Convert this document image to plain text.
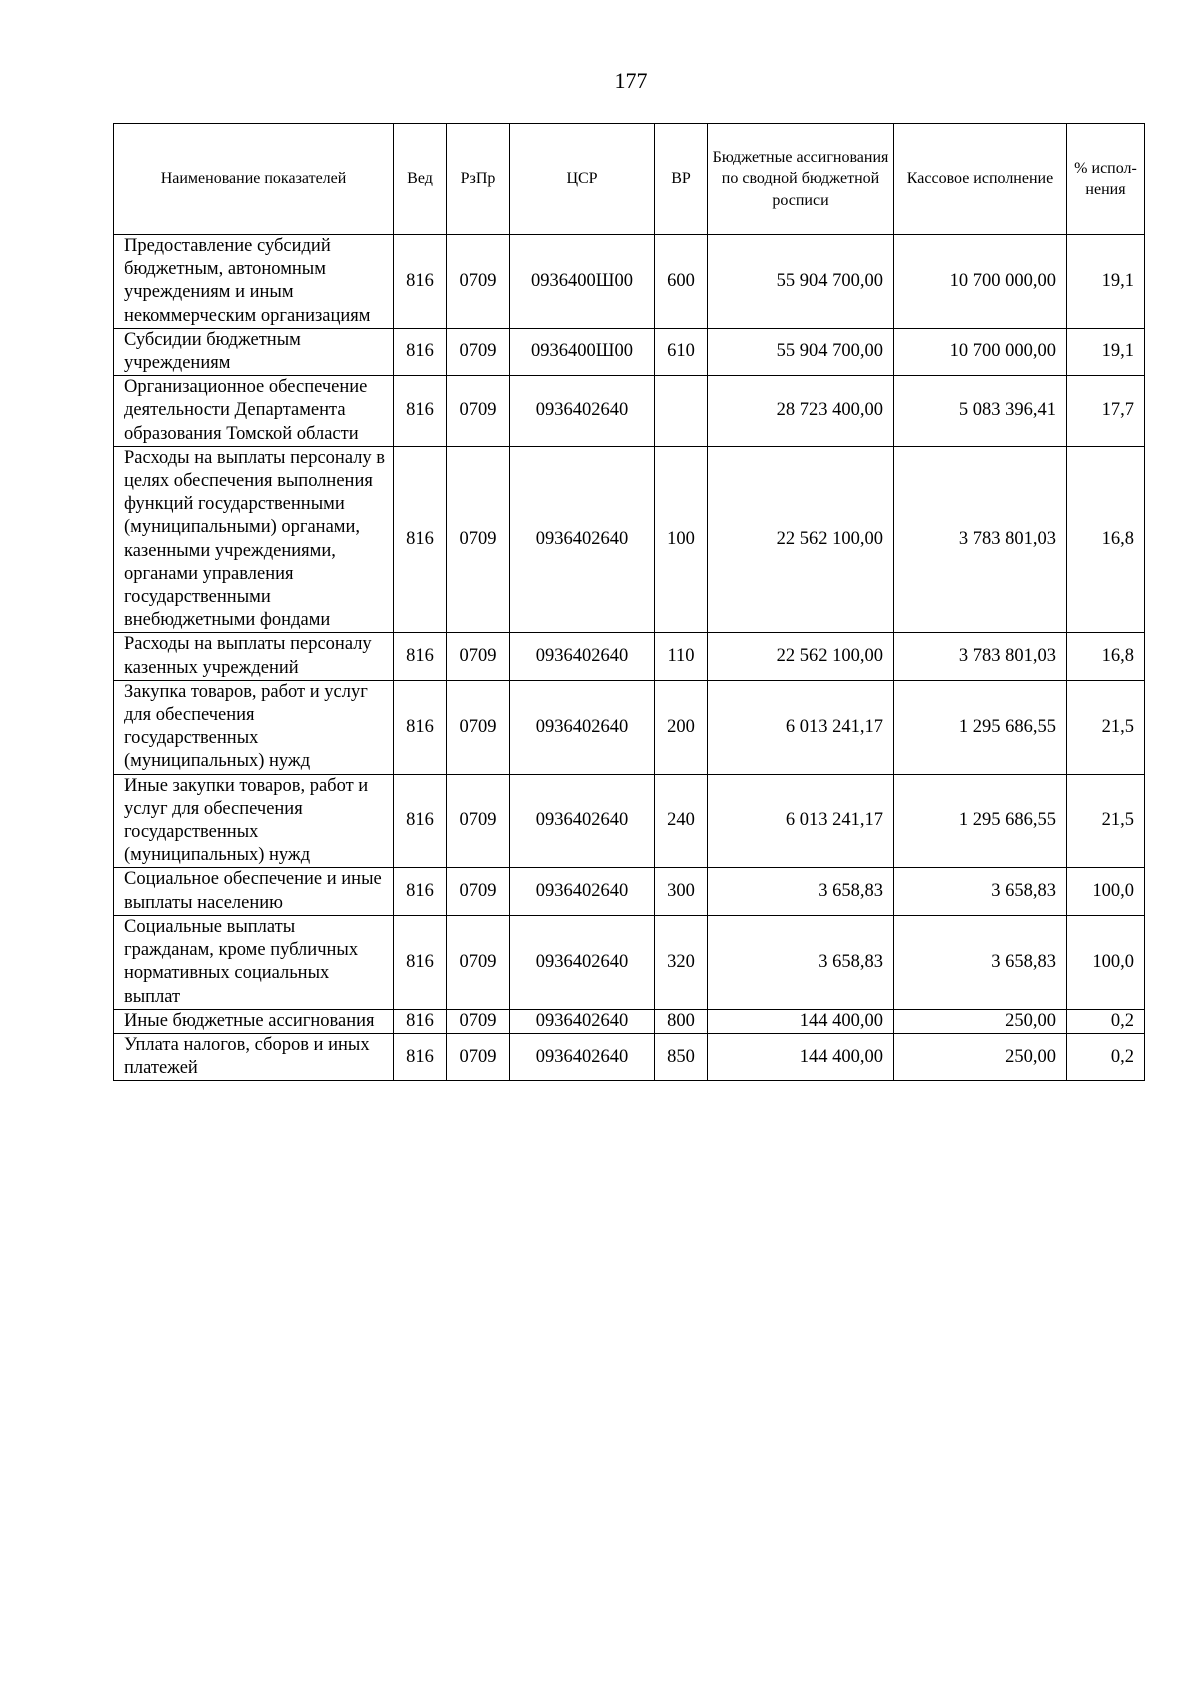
177
Наименование показателей	Вед	РзПр	ЦСР	ВР	Бюджетные ассигнования по сводной бюджетной росписи	Кассовое исполнение	% испол-нения
Предоставление субсидий бюджетным, автономным учреждениям и иным некоммерческим организациям	816	0709	0936400Ш00	600	55 904 700,00	10 700 000,00	19,1
Субсидии бюджетным учреждениям	816	0709	0936400Ш00	610	55 904 700,00	10 700 000,00	19,1
Организационное обеспечение деятельности Департамента образования Томской области	816	0709	0936402640		28 723 400,00	5 083 396,41	17,7
Расходы на выплаты персоналу в целях обеспечения выполнения функций государственными (муниципальными) органами, казенными учреждениями, органами управления государственными внебюджетными фондами	816	0709	0936402640	100	22 562 100,00	3 783 801,03	16,8
Расходы на выплаты персоналу казенных учреждений	816	0709	0936402640	110	22 562 100,00	3 783 801,03	16,8
Закупка товаров, работ и услуг для обеспечения государственных (муниципальных) нужд	816	0709	0936402640	200	6 013 241,17	1 295 686,55	21,5
Иные закупки товаров, работ и услуг для обеспечения государственных (муниципальных) нужд	816	0709	0936402640	240	6 013 241,17	1 295 686,55	21,5
Социальное обеспечение и иные выплаты населению	816	0709	0936402640	300	3 658,83	3 658,83	100,0
Социальные выплаты гражданам, кроме публичных нормативных социальных выплат	816	0709	0936402640	320	3 658,83	3 658,83	100,0
Иные бюджетные ассигнования	816	0709	0936402640	800	144 400,00	250,00	0,2
Уплата налогов, сборов и иных платежей	816	0709	0936402640	850	144 400,00	250,00	0,2
